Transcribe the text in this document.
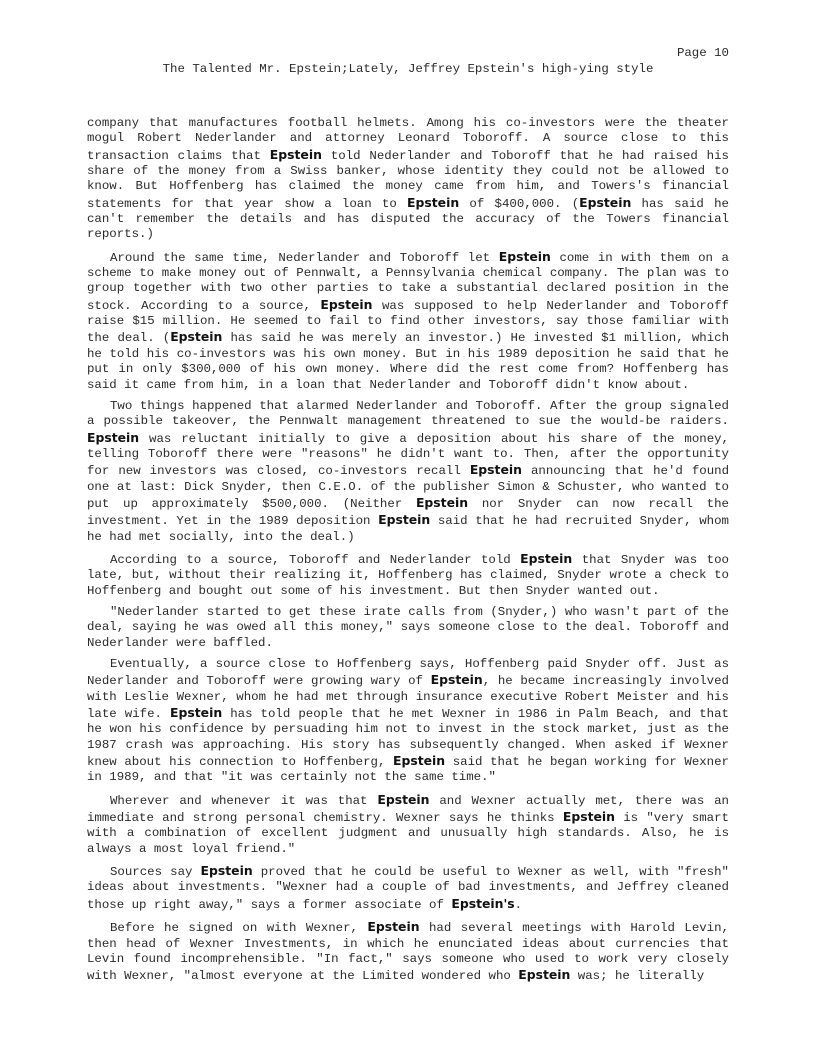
Page 10
The Talented Mr. Epstein;Lately, Jeffrey Epstein's high-ying style

company that manufactures football helmets. Among his co-investors were the theater mogul Robert Nederlander and attorney Leonard Toboroff. A source close to this transaction claims that Epstein told Nederlander and Toboroff that he had raised his share of the money from a Swiss banker, whose identity they could not be allowed to know. But Hoffenberg has claimed the money came from him, and Towers's financial statements for that year show a loan to Epstein of $400,000. (Epstein has said he can't remember the details and has disputed the accuracy of the Towers financial reports.)

Around the same time, Nederlander and Toboroff let Epstein come in with them on a scheme to make money out of Pennwalt, a Pennsylvania chemical company. The plan was to group together with two other parties to take a substantial declared position in the stock. According to a source, Epstein was supposed to help Nederlander and Toboroff raise $15 million. He seemed to fail to find other investors, say those familiar with the deal. (Epstein has said he was merely an investor.) He invested $1 million, which he told his co-investors was his own money. But in his 1989 deposition he said that he put in only $300,000 of his own money. Where did the rest come from? Hoffenberg has said it came from him, in a loan that Nederlander and Toboroff didn't know about.

Two things happened that alarmed Nederlander and Toboroff. After the group signaled a possible takeover, the Pennwalt management threatened to sue the would-be raiders. Epstein was reluctant initially to give a deposition about his share of the money, telling Toboroff there were "reasons" he didn't want to. Then, after the opportunity for new investors was closed, co-investors recall Epstein announcing that he'd found one at last: Dick Snyder, then C.E.O. of the publisher Simon & Schuster, who wanted to put up approximately $500,000. (Neither Epstein nor Snyder can now recall the investment. Yet in the 1989 deposition Epstein said that he had recruited Snyder, whom he had met socially, into the deal.)

According to a source, Toboroff and Nederlander told Epstein that Snyder was too late, but, without their realizing it, Hoffenberg has claimed, Snyder wrote a check to Hoffenberg and bought out some of his investment. But then Snyder wanted out.

"Nederlander started to get these irate calls from (Snyder,) who wasn't part of the deal, saying he was owed all this money," says someone close to the deal. Toboroff and Nederlander were baffled.

Eventually, a source close to Hoffenberg says, Hoffenberg paid Snyder off. Just as Nederlander and Toboroff were growing wary of Epstein, he became increasingly involved with Leslie Wexner, whom he had met through insurance executive Robert Meister and his late wife. Epstein has told people that he met Wexner in 1986 in Palm Beach, and that he won his confidence by persuading him not to invest in the stock market, just as the 1987 crash was approaching. His story has subsequently changed. When asked if Wexner knew about his connection to Hoffenberg, Epstein said that he began working for Wexner in 1989, and that "it was certainly not the same time."

Wherever and whenever it was that Epstein and Wexner actually met, there was an immediate and strong personal chemistry. Wexner says he thinks Epstein is "very smart with a combination of excellent judgment and unusually high standards. Also, he is always a most loyal friend."

Sources say Epstein proved that he could be useful to Wexner as well, with "fresh" ideas about investments. "Wexner had a couple of bad investments, and Jeffrey cleaned those up right away," says a former associate of Epstein's.

Before he signed on with Wexner, Epstein had several meetings with Harold Levin, then head of Wexner Investments, in which he enunciated ideas about currencies that Levin found incomprehensible. "In fact," says someone who used to work very closely with Wexner, "almost everyone at the Limited wondered who Epstein was; he literally
